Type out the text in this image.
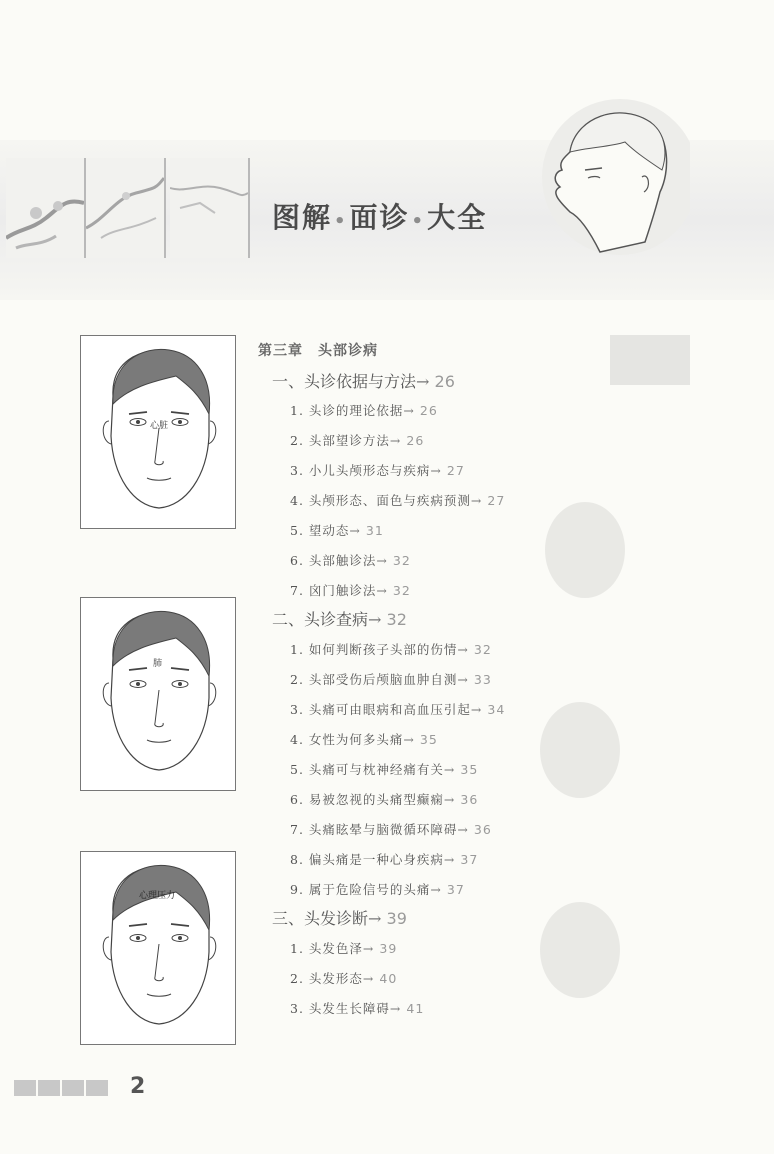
图解 •面诊 •大全
心脏
肺
心理压力
第三章　头部诊病
一、头诊依据与方法→ 26
1. 头诊的理论依据→ 26
2. 头部望诊方法→ 26
3. 小儿头颅形态与疾病→ 27
4. 头颅形态、面色与疾病预测→ 27
5. 望动态→ 31
6. 头部触诊法→ 32
7. 囟门触诊法→ 32
二、头诊查病→ 32
1. 如何判断孩子头部的伤情→ 32
2. 头部受伤后颅脑血肿自测→ 33
3. 头痛可由眼病和高血压引起→ 34
4. 女性为何多头痛→ 35
5. 头痛可与枕神经痛有关→ 35
6. 易被忽视的头痛型癫痫→ 36
7. 头痛眩晕与脑微循环障碍→ 36
8. 偏头痛是一种心身疾病→ 37
9. 属于危险信号的头痛→ 37
三、头发诊断→ 39
1. 头发色泽→ 39
2. 头发形态→ 40
3. 头发生长障碍→ 41
2
